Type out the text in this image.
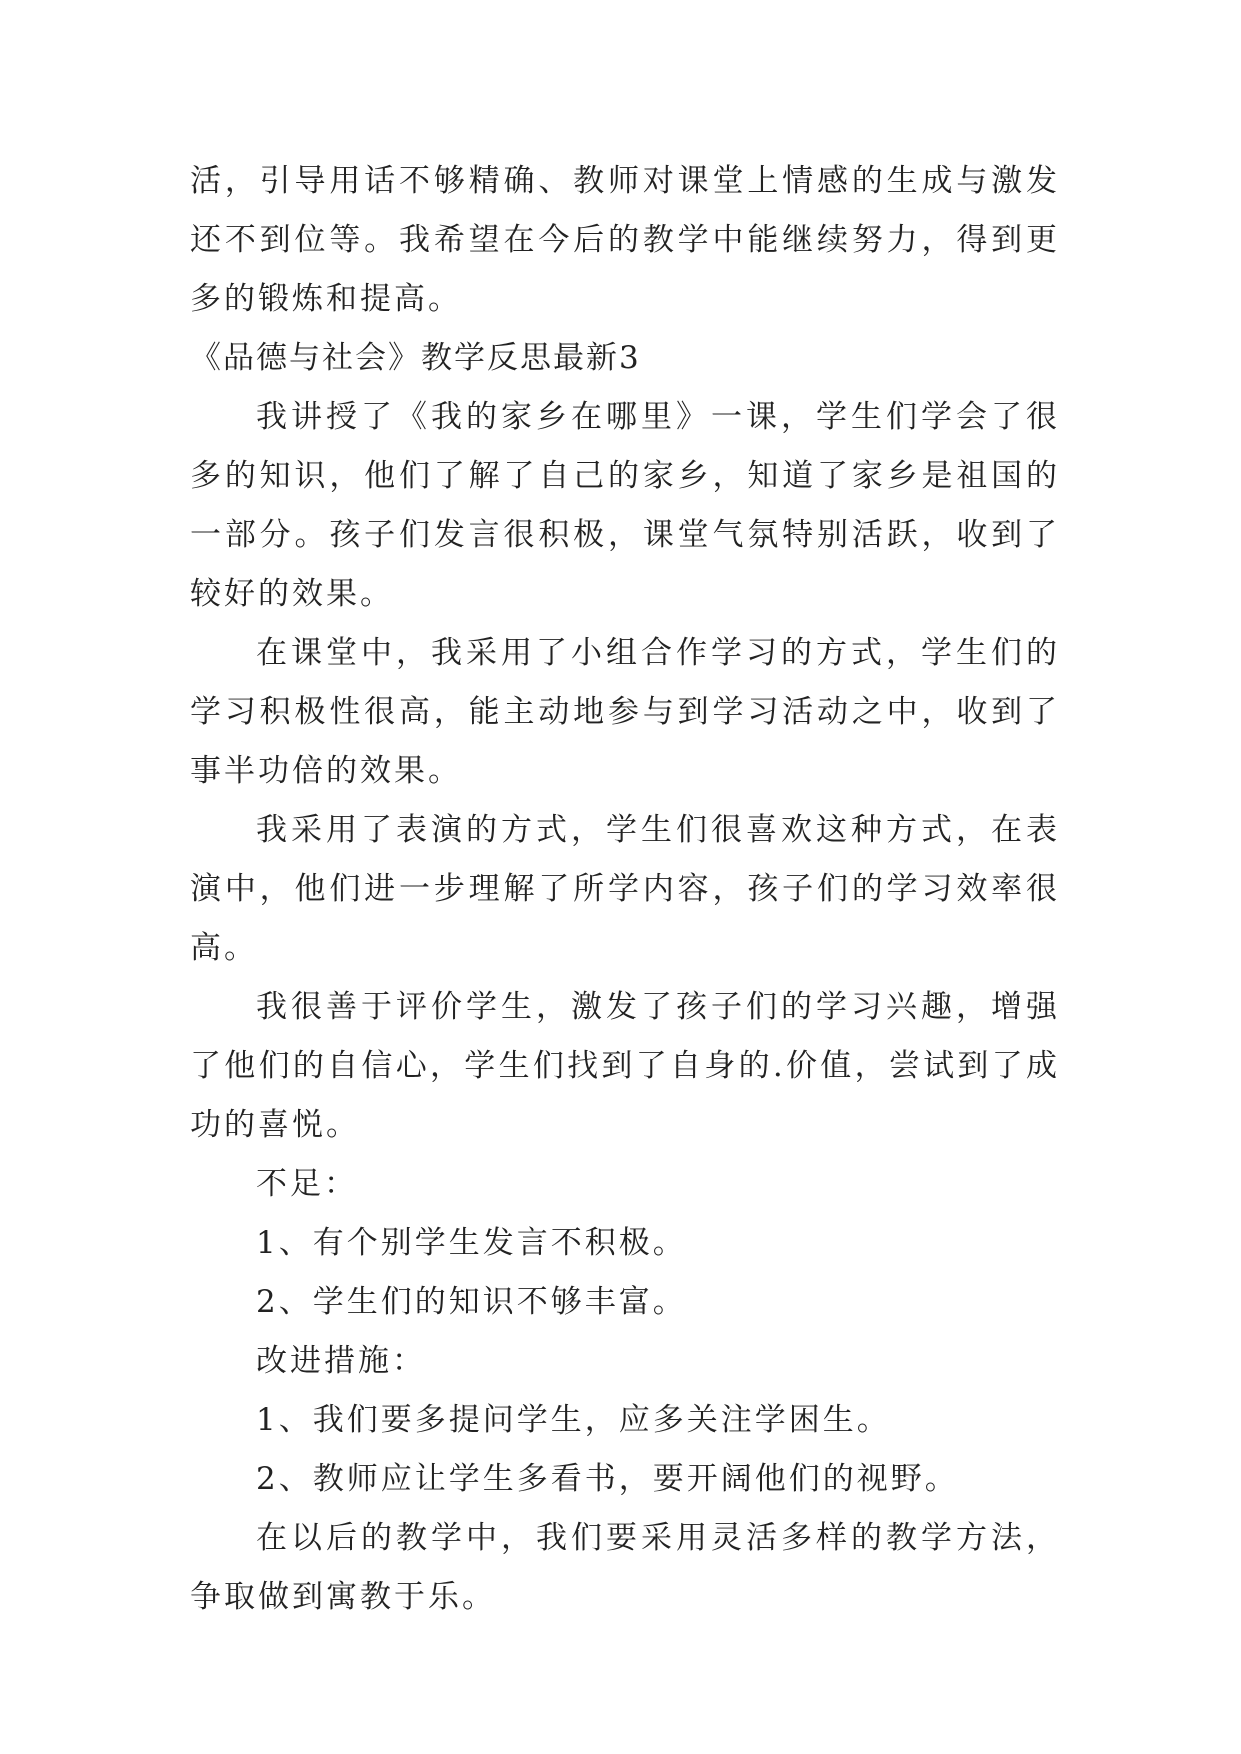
活，引导用话不够精确、教师对课堂上情感的生成与激发还不到位等。我希望在今后的教学中能继续努力，得到更多的锻炼和提高。

《品德与社会》教学反思最新3

我讲授了《我的家乡在哪里》一课，学生们学会了很多的知识，他们了解了自己的家乡，知道了家乡是祖国的一部分。孩子们发言很积极，课堂气氛特别活跃，收到了较好的效果。

在课堂中，我采用了小组合作学习的方式，学生们的学习积极性很高，能主动地参与到学习活动之中，收到了事半功倍的效果。

我采用了表演的方式，学生们很喜欢这种方式，在表演中，他们进一步理解了所学内容，孩子们的学习效率很高。

我很善于评价学生，激发了孩子们的学习兴趣，增强了他们的自信心，学生们找到了自身的.价值，尝试到了成功的喜悦。

不足：

1、有个别学生发言不积极。

2、学生们的知识不够丰富。

改进措施：

1、我们要多提问学生，应多关注学困生。

2、教师应让学生多看书，要开阔他们的视野。

在以后的教学中，我们要采用灵活多样的教学方法，争取做到寓教于乐。
